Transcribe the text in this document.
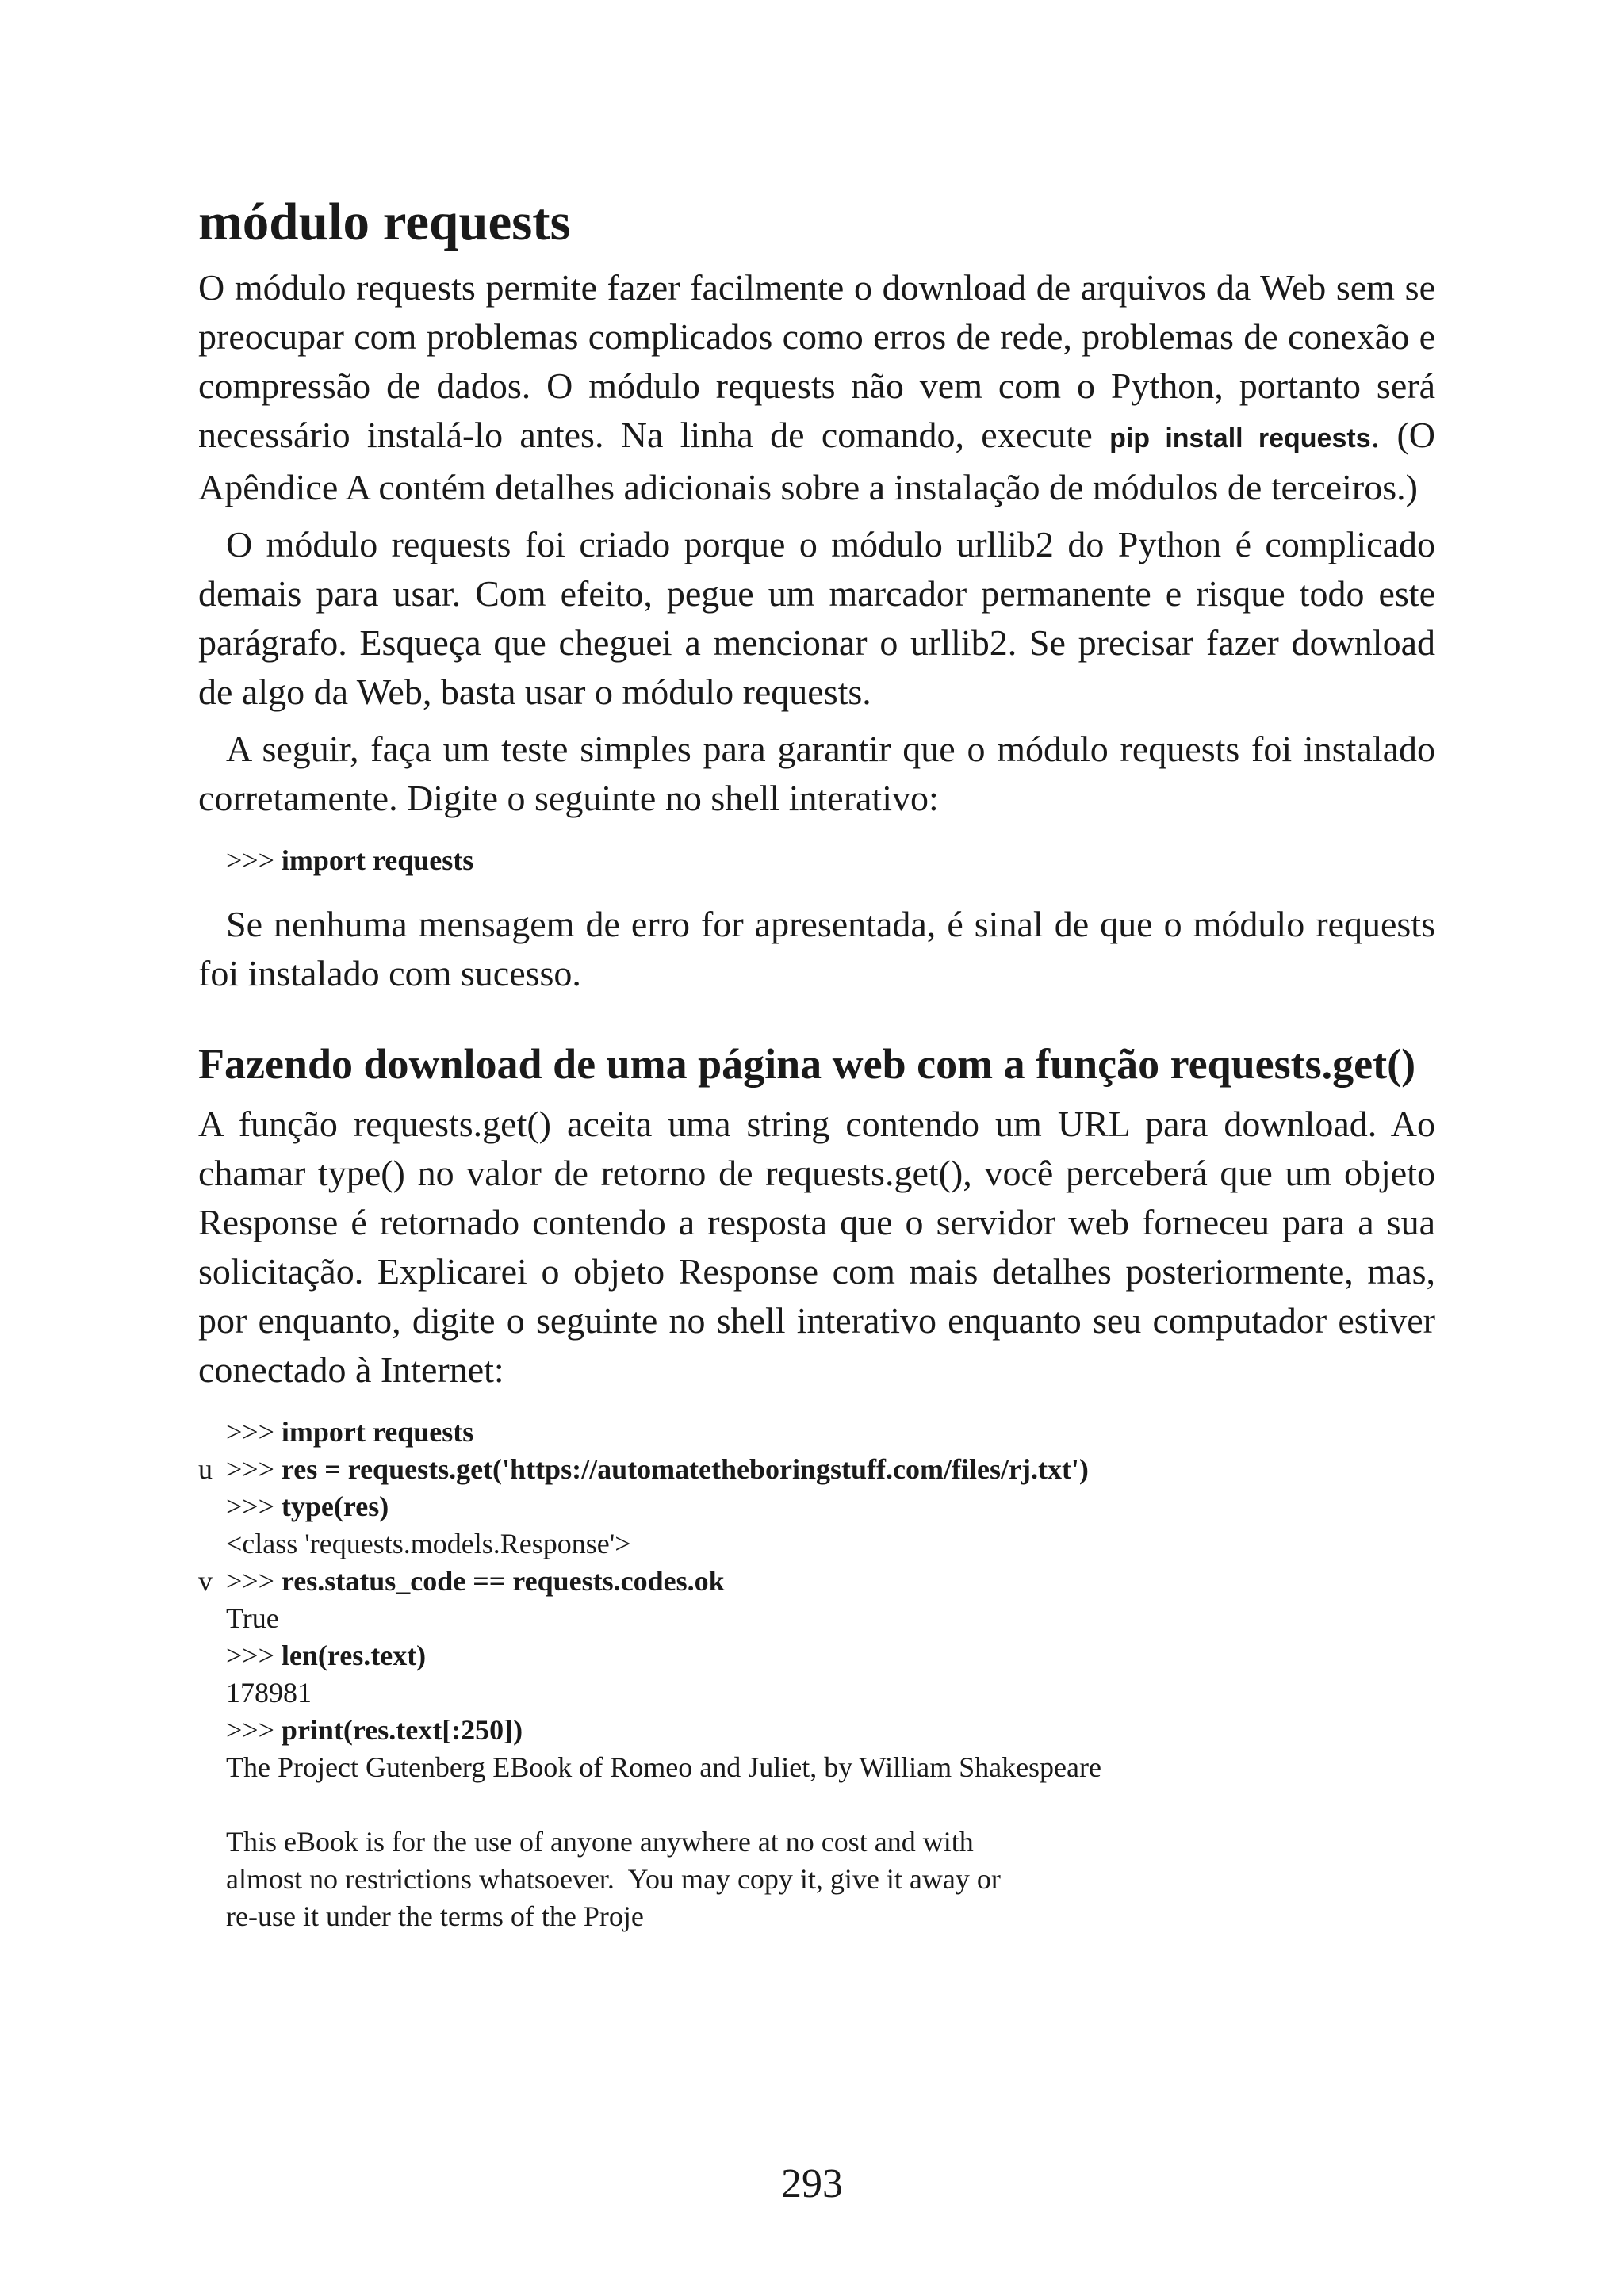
módulo requests

O módulo requests permite fazer facilmente o download de arquivos da Web sem se preocupar com problemas complicados como erros de rede, problemas de conexão e compressão de dados. O módulo requests não vem com o Python, portanto será necessário instalá-lo antes. Na linha de comando, execute pip install requests. (O Apêndice A contém detalhes adicionais sobre a instalação de módulos de terceiros.)

O módulo requests foi criado porque o módulo urllib2 do Python é complicado demais para usar. Com efeito, pegue um marcador permanente e risque todo este parágrafo. Esqueça que cheguei a mencionar o urllib2. Se precisar fazer download de algo da Web, basta usar o módulo requests.

A seguir, faça um teste simples para garantir que o módulo requests foi instalado corretamente. Digite o seguinte no shell interativo:

>>> import requests

Se nenhuma mensagem de erro for apresentada, é sinal de que o módulo requests foi instalado com sucesso.

Fazendo download de uma página web com a função requests.get()

A função requests.get() aceita uma string contendo um URL para download. Ao chamar type() no valor de retorno de requests.get(), você perceberá que um objeto Response é retornado contendo a resposta que o servidor web forneceu para a sua solicitação. Explicarei o objeto Response com mais detalhes posteriormente, mas, por enquanto, digite o seguinte no shell interativo enquanto seu computador estiver conectado à Internet:

>>> import requests
u >>> res = requests.get('https://automatetheboringstuff.com/files/rj.txt')
>>> type(res)
<class 'requests.models.Response'>
v >>> res.status_code == requests.codes.ok
True
>>> len(res.text)
178981
>>> print(res.text[:250])
The Project Gutenberg EBook of Romeo and Juliet, by William Shakespeare

This eBook is for the use of anyone anywhere at no cost and with
almost no restrictions whatsoever.  You may copy it, give it away or
re-use it under the terms of the Proje
293
